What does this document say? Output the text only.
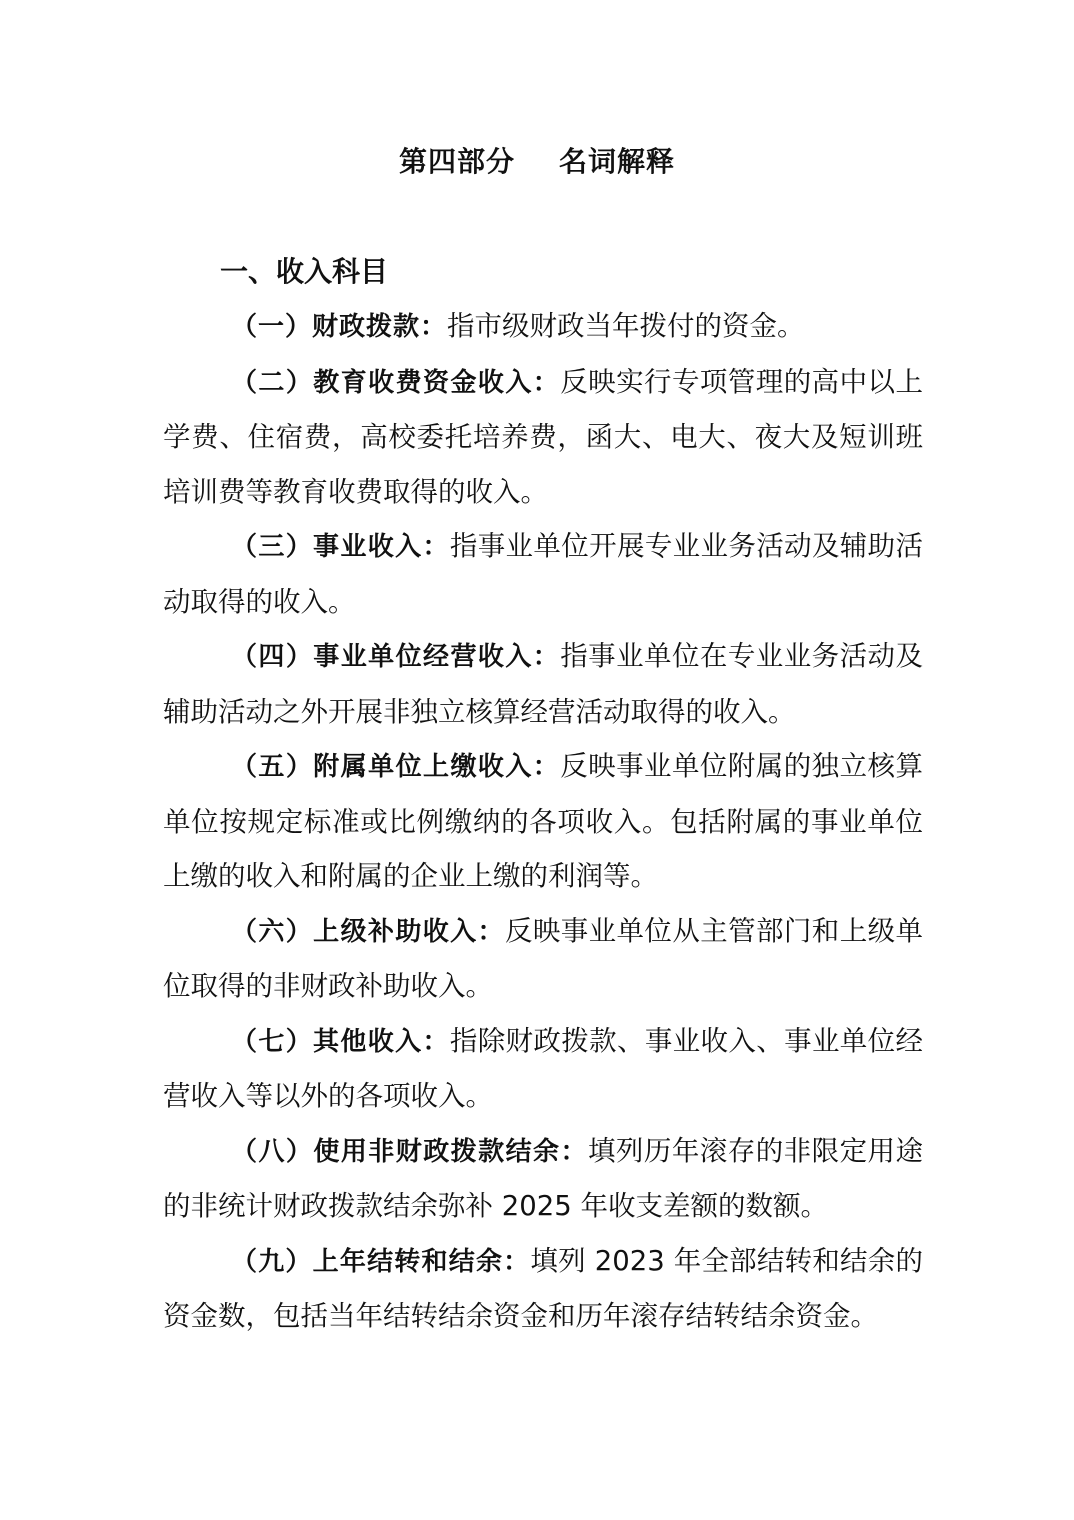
第四部分 名词解释
一、收入科目

（一）财政拨款：指市级财政当年拨付的资金。

（二）教育收费资金收入：反映实行专项管理的高中以上学费、住宿费，高校委托培养费，函大、电大、夜大及短训班培训费等教育收费取得的收入。

（三）事业收入：指事业单位开展专业业务活动及辅助活动取得的收入。

（四）事业单位经营收入：指事业单位在专业业务活动及辅助活动之外开展非独立核算经营活动取得的收入。

（五）附属单位上缴收入：反映事业单位附属的独立核算单位按规定标准或比例缴纳的各项收入。包括附属的事业单位上缴的收入和附属的企业上缴的利润等。

（六）上级补助收入：反映事业单位从主管部门和上级单位取得的非财政补助收入。

（七）其他收入：指除财政拨款、事业收入、事业单位经营收入等以外的各项收入。

（八）使用非财政拨款结余：填列历年滚存的非限定用途的非统计财政拨款结余弥补 2025 年收支差额的数额。

（九）上年结转和结余：填列 2023 年全部结转和结余的资金数，包括当年结转结余资金和历年滚存结转结余资金。
